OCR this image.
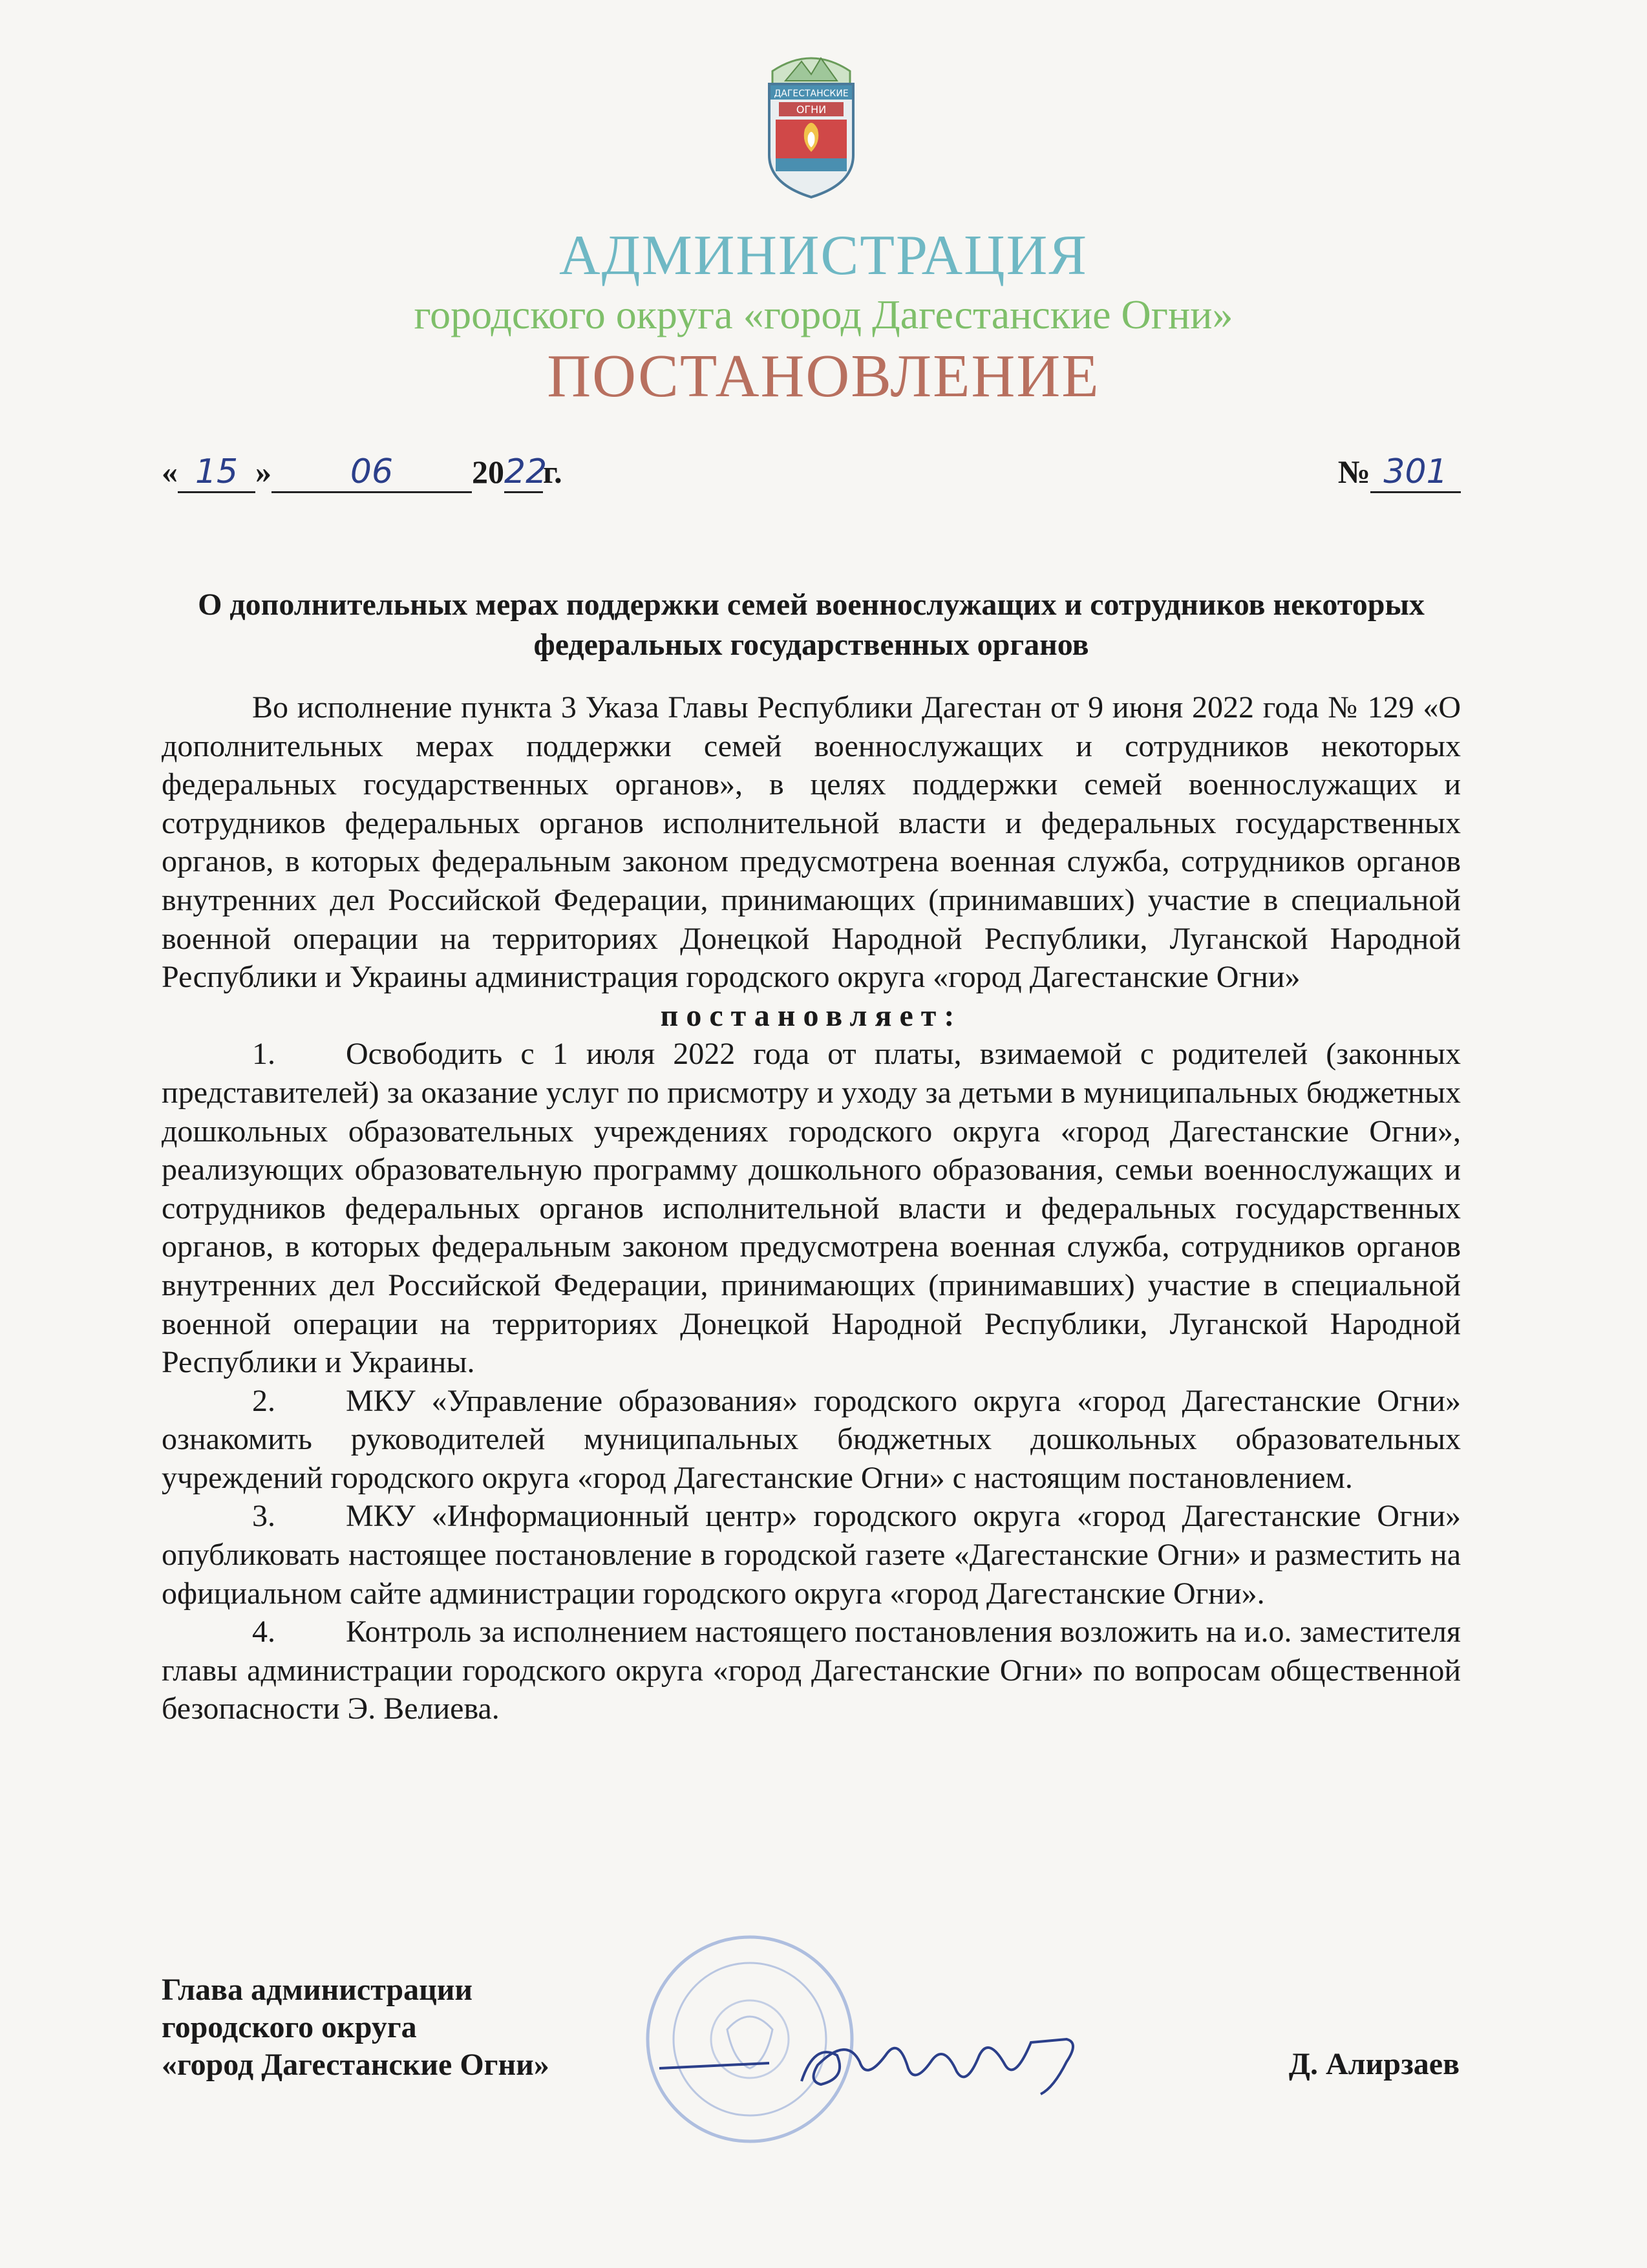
ДАГЕСТАНСКИЕ
ОГНИ
АДМИНИСТРАЦИЯ
городского округа «город Дагестанские Огни»
ПОСТАНОВЛЕНИЕ
« 15 » 06 2022г.	№ 301
О дополнительных мерах поддержки семей военнослужащих и сотрудников некоторых федеральных государственных органов

Во исполнение пункта 3 Указа Главы Республики Дагестан от 9 июня 2022 года № 129 «О дополнительных мерах поддержки семей военнослужащих и сотрудников некоторых федеральных государственных органов», в целях поддержки семей военнослужащих и сотрудников федеральных органов исполнительной власти и федеральных государственных органов, в которых федеральным законом предусмотрена военная служба, сотрудников органов внутренних дел Российской Федерации, принимающих (принимавших) участие в специальной военной операции на территориях Донецкой Народной Республики, Луганской Народной Республики и Украины администрация городского округа «город Дагестанские Огни»

постановляет:

1. Освободить с 1 июля 2022 года от платы, взимаемой с родителей (законных представителей) за оказание услуг по присмотру и уходу за детьми в муниципальных бюджетных дошкольных образовательных учреждениях городского округа «город Дагестанские Огни», реализующих образовательную программу дошкольного образования, семьи военнослужащих и сотрудников федеральных органов исполнительной власти и федеральных государственных органов, в которых федеральным законом предусмотрена военная служба, сотрудников органов внутренних дел Российской Федерации, принимающих (принимавших) участие в специальной военной операции на территориях Донецкой Народной Республики, Луганской Народной Республики и Украины.

2. МКУ «Управление образования» городского округа «город Дагестанские Огни» ознакомить руководителей муниципальных бюджетных дошкольных образовательных учреждений городского округа «город Дагестанские Огни» с настоящим постановлением.

3. МКУ «Информационный центр» городского округа «город Дагестанские Огни» опубликовать настоящее постановление в городской газете «Дагестанские Огни» и разместить на официальном сайте администрации городского округа «город Дагестанские Огни».

4. Контроль за исполнением настоящего постановления возложить на и.о. заместителя главы администрации городского округа «город Дагестанские Огни» по вопросам общественной безопасности Э. Велиева.

Глава администрации
городского округа
«город Дагестанские Огни»	Д. Алирзаев
